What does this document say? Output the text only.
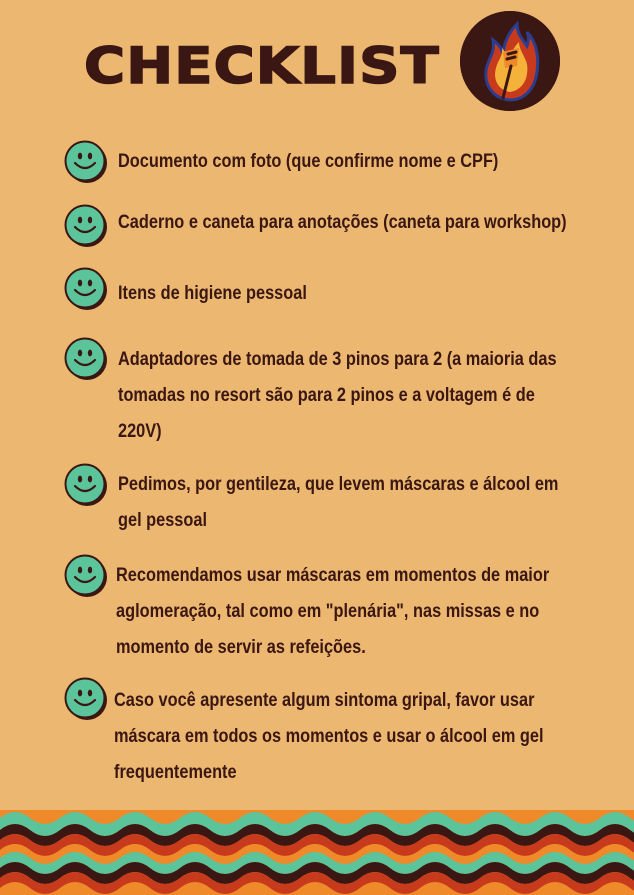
CHECKLIST

Documento com foto (que confirme nome e CPF)

Caderno e caneta para anotações (caneta para workshop)

Itens de higiene pessoal

Adaptadores de tomada de 3 pinos para 2 (a maioria das tomadas no resort são para 2 pinos e a voltagem é de 220V)

Pedimos, por gentileza, que levem máscaras e álcool em gel pessoal

Recomendamos usar máscaras em momentos de maior aglomeração, tal como em "plenária", nas missas e no momento de servir as refeições.

Caso você apresente algum sintoma gripal, favor usar máscara em todos os momentos e usar o álcool em gel frequentemente
